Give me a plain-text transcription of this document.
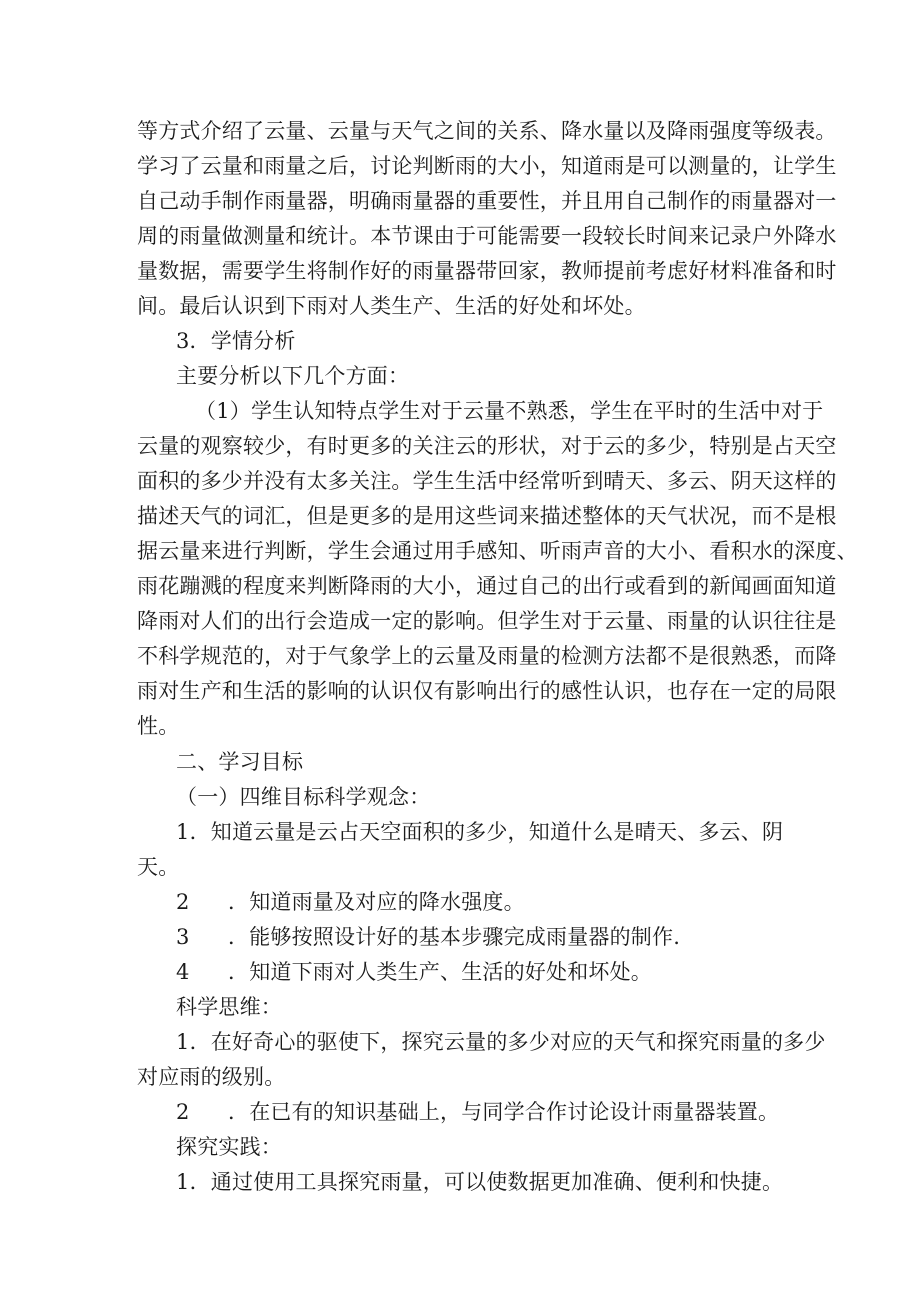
等方式介绍了云量、云量与天气之间的关系、降水量以及降雨强度等级表。
学习了云量和雨量之后，讨论判断雨的大小，知道雨是可以测量的，让学生
自己动手制作雨量器，明确雨量器的重要性，并且用自己制作的雨量器对一
周的雨量做测量和统计。本节课由于可能需要一段较长时间来记录户外降水
量数据，需要学生将制作好的雨量器带回家，教师提前考虑好材料准备和时
间。最后认识到下雨对人类生产、生活的好处和坏处。
3．学情分析
主要分析以下几个方面：
（1）学生认知特点学生对于云量不熟悉，学生在平时的生活中对于
云量的观察较少，有时更多的关注云的形状，对于云的多少，特别是占天空
面积的多少并没有太多关注。学生生活中经常听到晴天、多云、阴天这样的
描述天气的词汇，但是更多的是用这些词来描述整体的天气状况，而不是根
据云量来进行判断，学生会通过用手感知、听雨声音的大小、看积水的深度、
雨花蹦溅的程度来判断降雨的大小，通过自己的出行或看到的新闻画面知道
降雨对人们的出行会造成一定的影响。但学生对于云量、雨量的认识往往是
不科学规范的，对于气象学上的云量及雨量的检测方法都不是很熟悉，而降
雨对生产和生活的影响的认识仅有影响出行的感性认识，也存在一定的局限
性。
二、学习目标
（一）四维目标科学观念：
1．知道云量是云占天空面积的多少，知道什么是晴天、多云、阴
天。
2 ．知道雨量及对应的降水强度。
3 ．能够按照设计好的基本步骤完成雨量器的制作.
4 ．知道下雨对人类生产、生活的好处和坏处。
科学思维：
1．在好奇心的驱使下，探究云量的多少对应的天气和探究雨量的多少
对应雨的级别。
2 ．在已有的知识基础上，与同学合作讨论设计雨量器装置。
探究实践：
1．通过使用工具探究雨量，可以使数据更加准确、便利和快捷。
